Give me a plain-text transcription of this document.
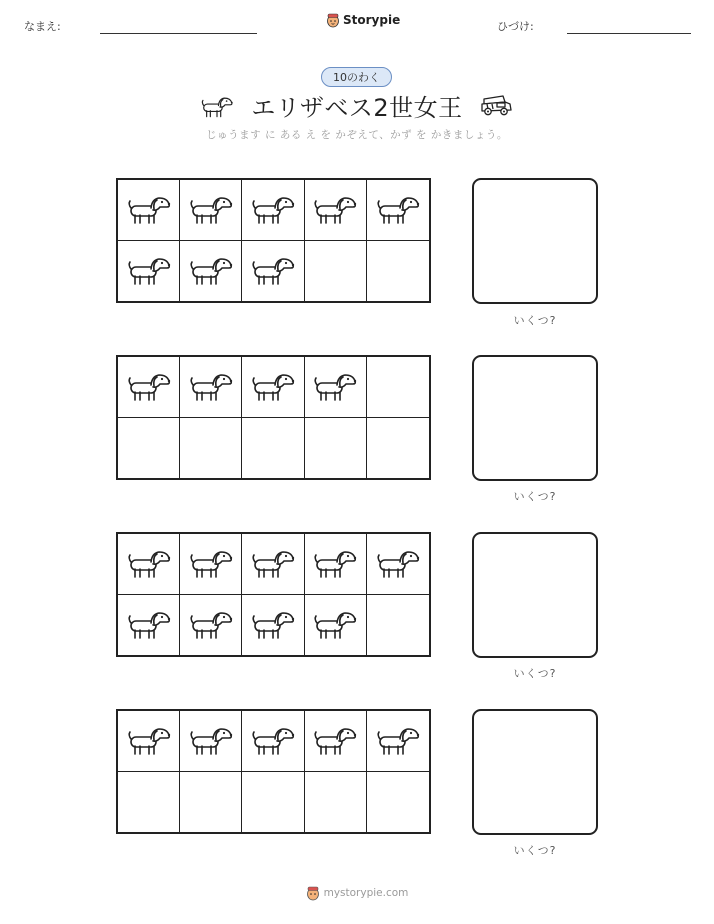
なまえ:	Storypie	ひづけ:
10のわく
エリザベス2世女王
じゅうます に ある え を かぞえて、かず を かきましょう。
いくつ?
いくつ?
いくつ?
いくつ?
mystorypie.com
